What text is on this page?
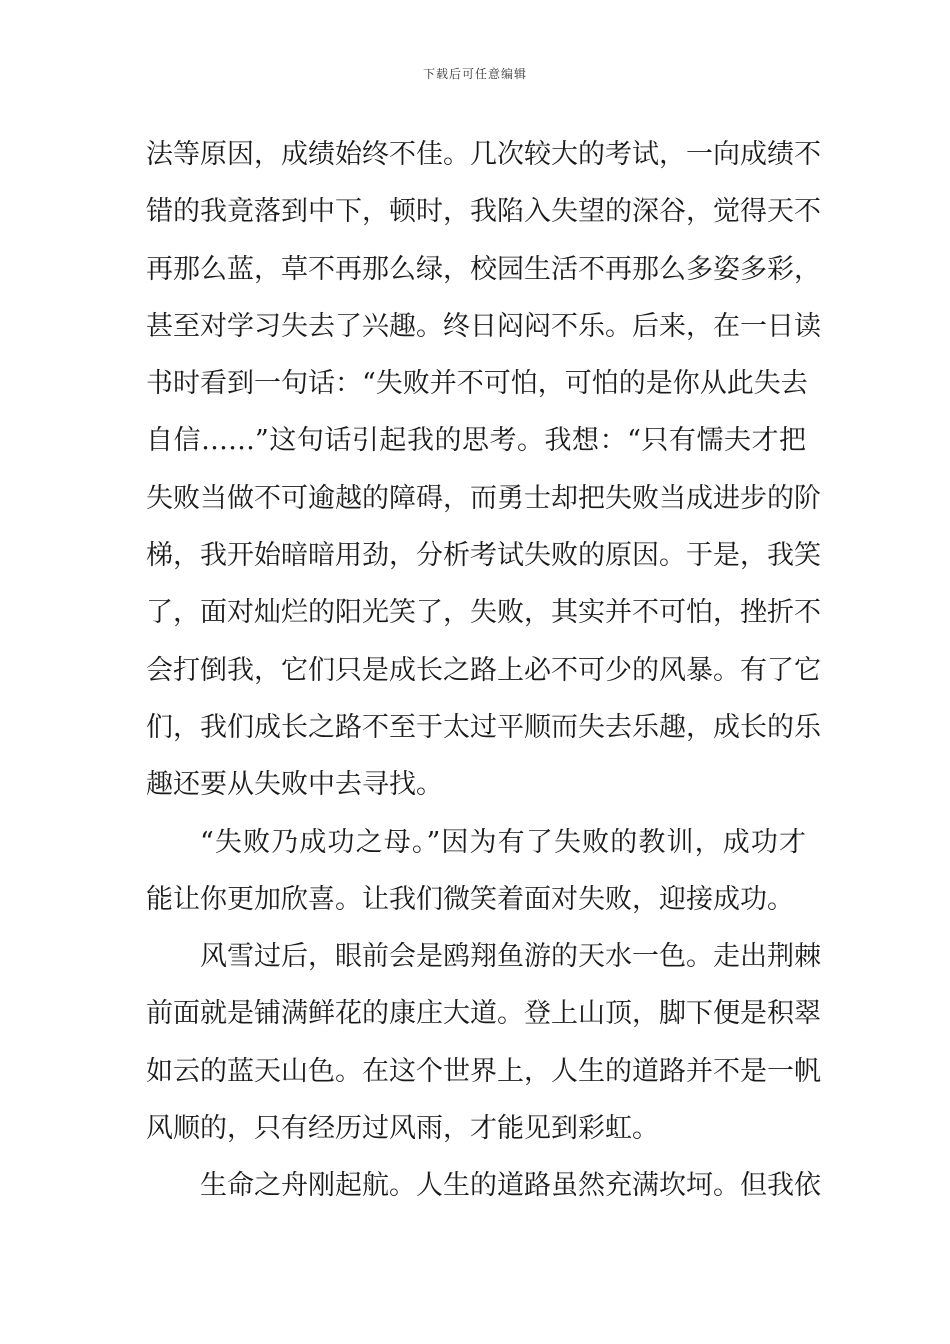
下载后可任意编辑
法等原因，成绩始终不佳。几次较大的考试，一向成绩不
错的我竟落到中下，顿时，我陷入失望的深谷，觉得天不
再那么蓝，草不再那么绿，校园生活不再那么多姿多彩，
甚至对学习失去了兴趣。终日闷闷不乐。后来，在一日读
书时看到一句话：“失败并不可怕，可怕的是你从此失去
自信……”这句话引起我的思考。我想：“只有懦夫才把
失败当做不可逾越的障碍，而勇士却把失败当成进步的阶
梯，我开始暗暗用劲，分析考试失败的原因。于是，我笑
了，面对灿烂的阳光笑了，失败，其实并不可怕，挫折不
会打倒我，它们只是成长之路上必不可少的风暴。有了它
们，我们成长之路不至于太过平顺而失去乐趣，成长的乐
趣还要从失败中去寻找。
“失败乃成功之母。”因为有了失败的教训，成功才
能让你更加欣喜。让我们微笑着面对失败，迎接成功。
风雪过后，眼前会是鸥翔鱼游的天水一色。走出荆棘
前面就是铺满鲜花的康庄大道。登上山顶，脚下便是积翠
如云的蓝天山色。在这个世界上，人生的道路并不是一帆
风顺的，只有经历过风雨，才能见到彩虹。
生命之舟刚起航。人生的道路虽然充满坎坷。但我依
